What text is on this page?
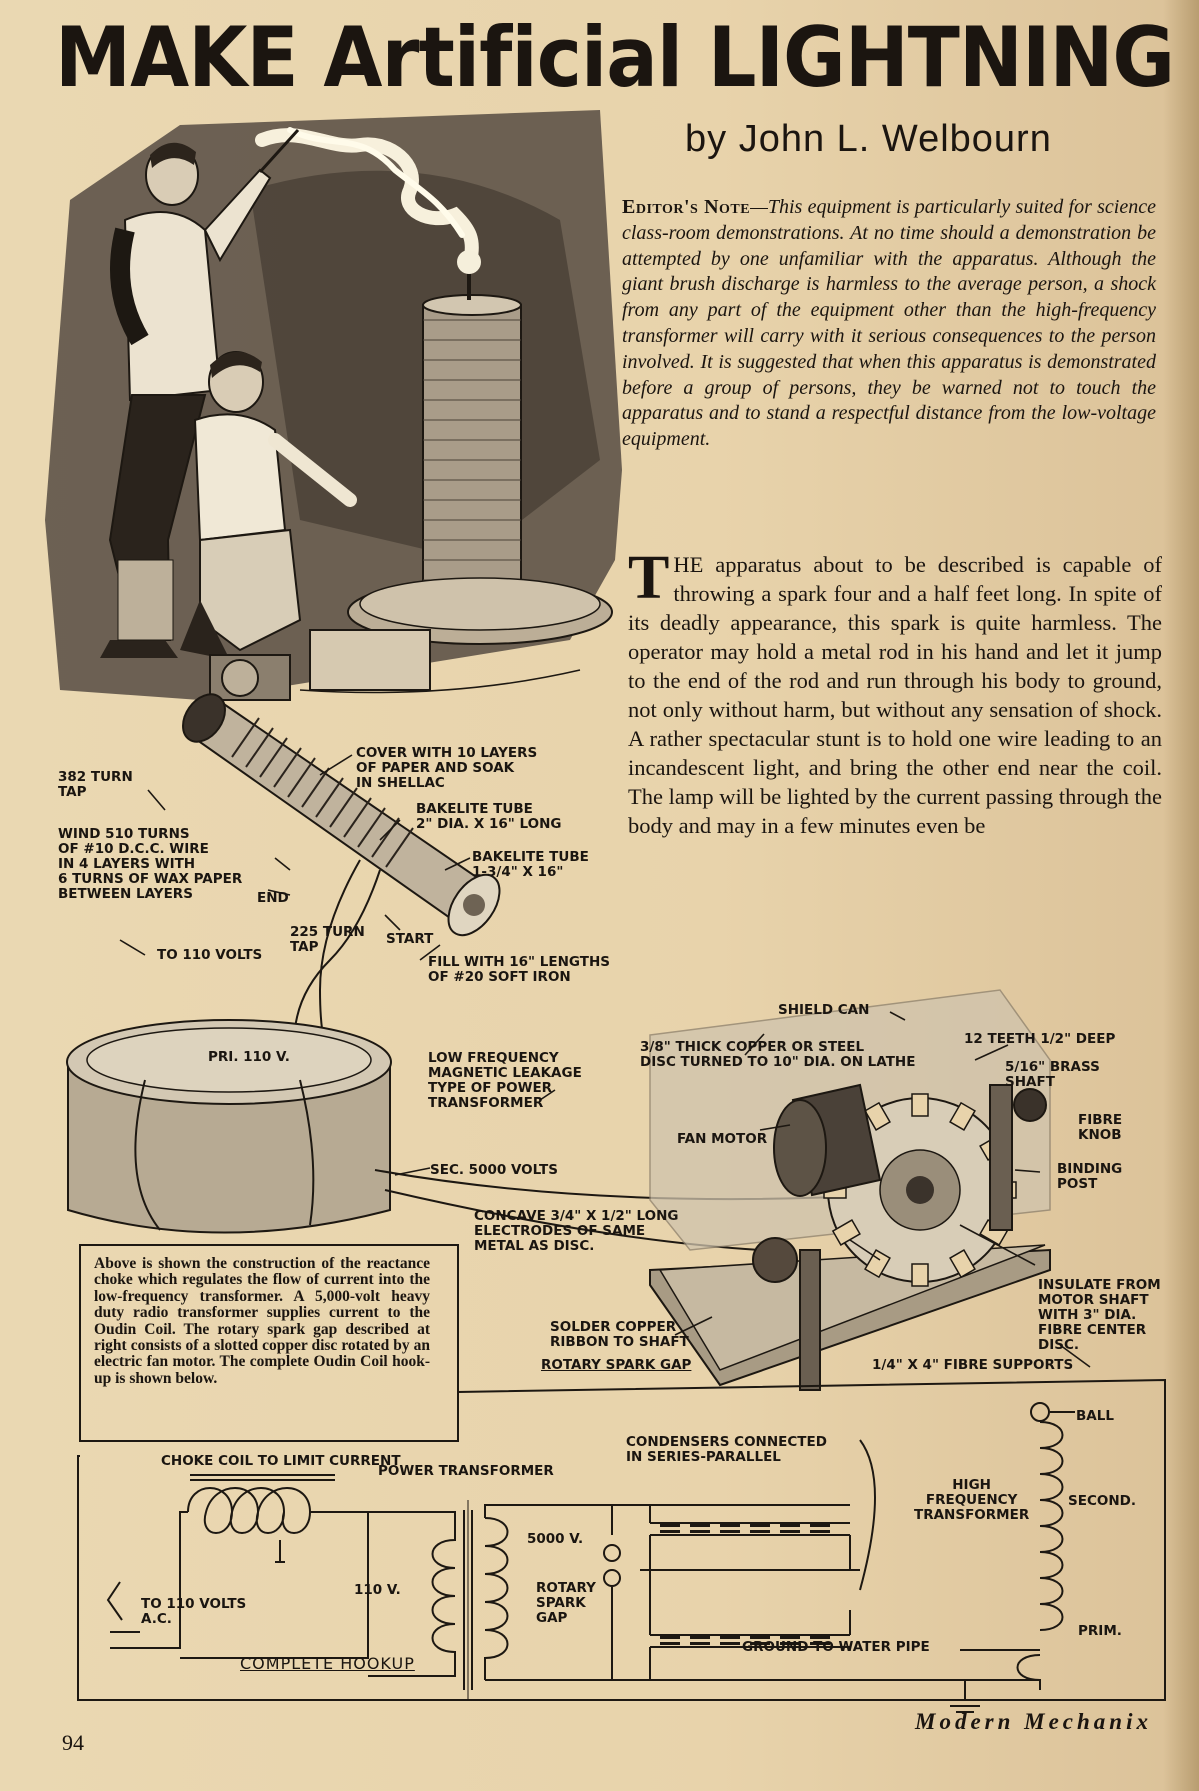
MAKE Artificial LIGHTNING
by John L. Welbourn
Editor's Note—This equipment is particularly suited for science class-room demonstrations. At no time should a demonstration be attempted by one unfamiliar with the apparatus. Although the giant brush discharge is harmless to the average person, a shock from any part of the equipment other than the high-frequency transformer will carry with it serious consequences to the person involved. It is suggested that when this apparatus is demonstrated before a group of persons, they be warned not to touch the apparatus and to stand a respectful distance from the low-voltage equipment.
THE apparatus about to be described is capable of throwing a spark four and a half feet long. In spite of its deadly appearance, this spark is quite harmless. The operator may hold a metal rod in his hand and let it jump to the end of the rod and run through his body to ground, not only without harm, but without any sensation of shock. A rather spectacular stunt is to hold one wire leading to an incandescent light, and bring the other end near the coil. The lamp will be lighted by the current passing through the body and may in a few minutes even be
382 TURN
TAP
COVER WITH 10 LAYERS
OF PAPER AND SOAK
IN SHELLAC
BAKELITE TUBE
2" DIA. X 16" LONG
WIND 510 TURNS
OF #10 D.C.C. WIRE
IN 4 LAYERS WITH
6 TURNS OF WAX PAPER
BETWEEN LAYERS
BAKELITE TUBE
1-3/4" X 16"
END
225 TURN
TAP	START
TO 110 VOLTS	FILL WITH 16" LENGTHS
OF #20 SOFT IRON
PRI. 110 V.	LOW FREQUENCY
MAGNETIC LEAKAGE
TYPE OF POWER
TRANSFORMER
SEC. 5000 VOLTS
SHIELD CAN
3/8" THICK COPPER OR STEEL
DISC TURNED TO 10" DIA. ON LATHE
12 TEETH 1/2" DEEP
5/16" BRASS
SHAFT
FAN MOTOR
FIBRE
KNOB
BINDING
POST
CONCAVE 3/4" X 1/2" LONG
ELECTRODES OF SAME
METAL AS DISC.
INSULATE FROM
MOTOR SHAFT
WITH 3" DIA.
FIBRE CENTER
DISC.
SOLDER COPPER
RIBBON TO SHAFT
ROTARY SPARK GAP	1/4" X 4" FIBRE SUPPORTS
Above is shown the construction of the reactance choke which regulates the flow of current into the low-frequency transformer. A 5,000-volt heavy duty radio transformer supplies current to the Oudin Coil. The rotary spark gap described at right consists of a slotted copper disc rotated by an electric fan motor. The complete Oudin Coil hook-up is shown below.
CHOKE COIL TO LIMIT CURRENT
POWER TRANSFORMER
CONDENSERS CONNECTED
IN SERIES-PARALLEL
BALL
HIGH
FREQUENCY
TRANSFORMER
SECOND.
5000 V.
110 V.
TO 110 VOLTS
A.C.
ROTARY
SPARK
GAP
PRIM.
GROUND TO WATER PIPE
COMPLETE HOOKUP
94
Modern Mechanix
